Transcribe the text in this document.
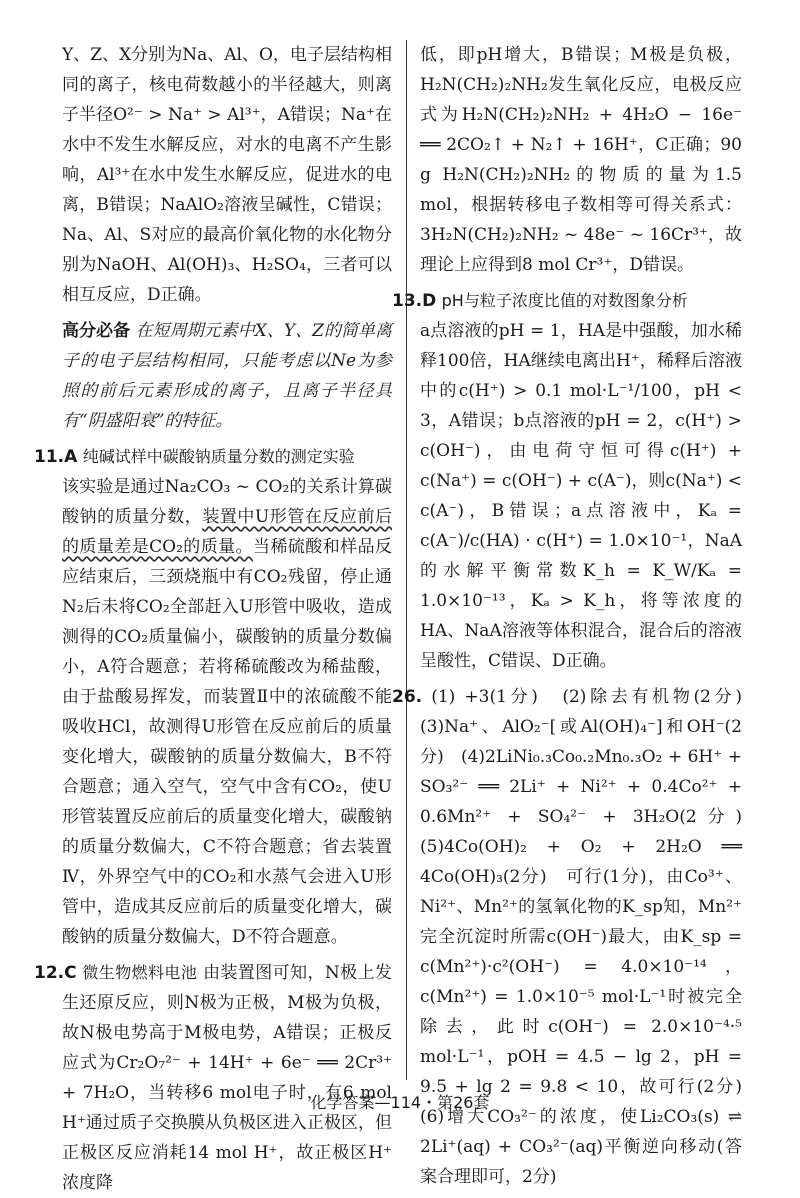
Y、Z、X分别为Na、Al、O，电子层结构相同的离子，核电荷数越小的半径越大，则离子半径O²⁻ > Na⁺ > Al³⁺，A错误；Na⁺在水中不发生水解反应，对水的电离不产生影响，Al³⁺在水中发生水解反应，促进水的电离，B错误；NaAlO₂溶液呈碱性，C错误；Na、Al、S对应的最高价氧化物的水化物分别为NaOH、Al(OH)₃、H₂SO₄，三者可以相互反应，D正确。

高分必备 在短周期元素中X、Y、Z的简单离子的电子层结构相同，只能考虑以Ne为参照的前后元素形成的离子，且离子半径具有“阴盛阳衰”的特征。

11.A 纯碱试样中碳酸钠质量分数的测定实验
该实验是通过Na₂CO₃ ~ CO₂的关系计算碳酸钠的质量分数，装置中U形管在反应前后的质量差是CO₂的质量。当稀硫酸和样品反应结束后，三颈烧瓶中有CO₂残留，停止通N₂后未将CO₂全部赶入U形管中吸收，造成测得的CO₂质量偏小，碳酸钠的质量分数偏小，A符合题意；若将稀硫酸改为稀盐酸，由于盐酸易挥发，而装置Ⅱ中的浓硫酸不能吸收HCl，故测得U形管在反应前后的质量变化增大，碳酸钠的质量分数偏大，B不符合题意；通入空气，空气中含有CO₂，使U形管装置反应前后的质量变化增大，碳酸钠的质量分数偏大，C不符合题意；省去装置Ⅳ，外界空气中的CO₂和水蒸气会进入U形管中，造成其反应前后的质量变化增大，碳酸钠的质量分数偏大，D不符合题意。

12.C 微生物燃料电池 由装置图可知，N极上发生还原反应，则N极为正极，M极为负极，故N极电势高于M极电势，A错误；正极反应式为Cr₂O₇²⁻ + 14H⁺ + 6e⁻ ══ 2Cr³⁺ + 7H₂O，当转移6 mol电子时，有6 mol H⁺通过质子交换膜从负极区进入正极区，但正极区反应消耗14 mol H⁺，故正极区H⁺浓度降

低，即pH增大，B错误；M极是负极，H₂N(CH₂)₂NH₂发生氧化反应，电极反应式为H₂N(CH₂)₂NH₂ + 4H₂O − 16e⁻ ══ 2CO₂↑ + N₂↑ + 16H⁺，C正确；90 g H₂N(CH₂)₂NH₂的物质的量为1.5 mol，根据转移电子数相等可得关系式：3H₂N(CH₂)₂NH₂ ~ 48e⁻ ~ 16Cr³⁺，故理论上应得到8 mol Cr³⁺，D错误。

13.D pH与粒子浓度比值的对数图象分析
a点溶液的pH = 1，HA是中强酸，加水稀释100倍，HA继续电离出H⁺，稀释后溶液中的c(H⁺) > 0.1 mol·L⁻¹/100，pH < 3，A错误；b点溶液的pH = 2，c(H⁺) > c(OH⁻)，由电荷守恒可得c(H⁺) + c(Na⁺) = c(OH⁻) + c(A⁻)，则c(Na⁺) < c(A⁻)，B错误；a点溶液中，Kₐ = c(A⁻)/c(HA) · c(H⁺) = 1.0×10⁻¹，NaA的水解平衡常数K_h = K_W/Kₐ = 1.0×10⁻¹³，Kₐ > K_h，将等浓度的HA、NaA溶液等体积混合，混合后的溶液呈酸性，C错误、D正确。

26. (1) +3(1分)　(2)除去有机物(2分)　(3)Na⁺、AlO₂⁻[或Al(OH)₄⁻]和OH⁻(2分)　(4)2LiNi₀.₃Co₀.₂Mn₀.₃O₂ + 6H⁺ + SO₃²⁻ ══ 2Li⁺ + Ni²⁺ + 0.4Co²⁺ + 0.6Mn²⁺ + SO₄²⁻ + 3H₂O(2分)　(5)4Co(OH)₂ + O₂ + 2H₂O ══ 4Co(OH)₃(2分)　可行(1分)，由Co³⁺、Ni²⁺、Mn²⁺的氢氧化物的K_sp知，Mn²⁺完全沉淀时所需c(OH⁻)最大，由K_sp = c(Mn²⁺)·c²(OH⁻) = 4.0×10⁻¹⁴，c(Mn²⁺) = 1.0×10⁻⁵ mol·L⁻¹时被完全除去，此时c(OH⁻) = 2.0×10⁻⁴·⁵ mol·L⁻¹，pOH = 4.5 − lg 2，pH = 9.5 + lg 2 = 9.8 < 10，故可行(2分)　(6)增大CO₃²⁻的浓度，使Li₂CO₃(s) ⇌ 2Li⁺(aq) + CO₃²⁻(aq)平衡逆向移动(答案合理即可，2分)

化学答案—114・第26套
